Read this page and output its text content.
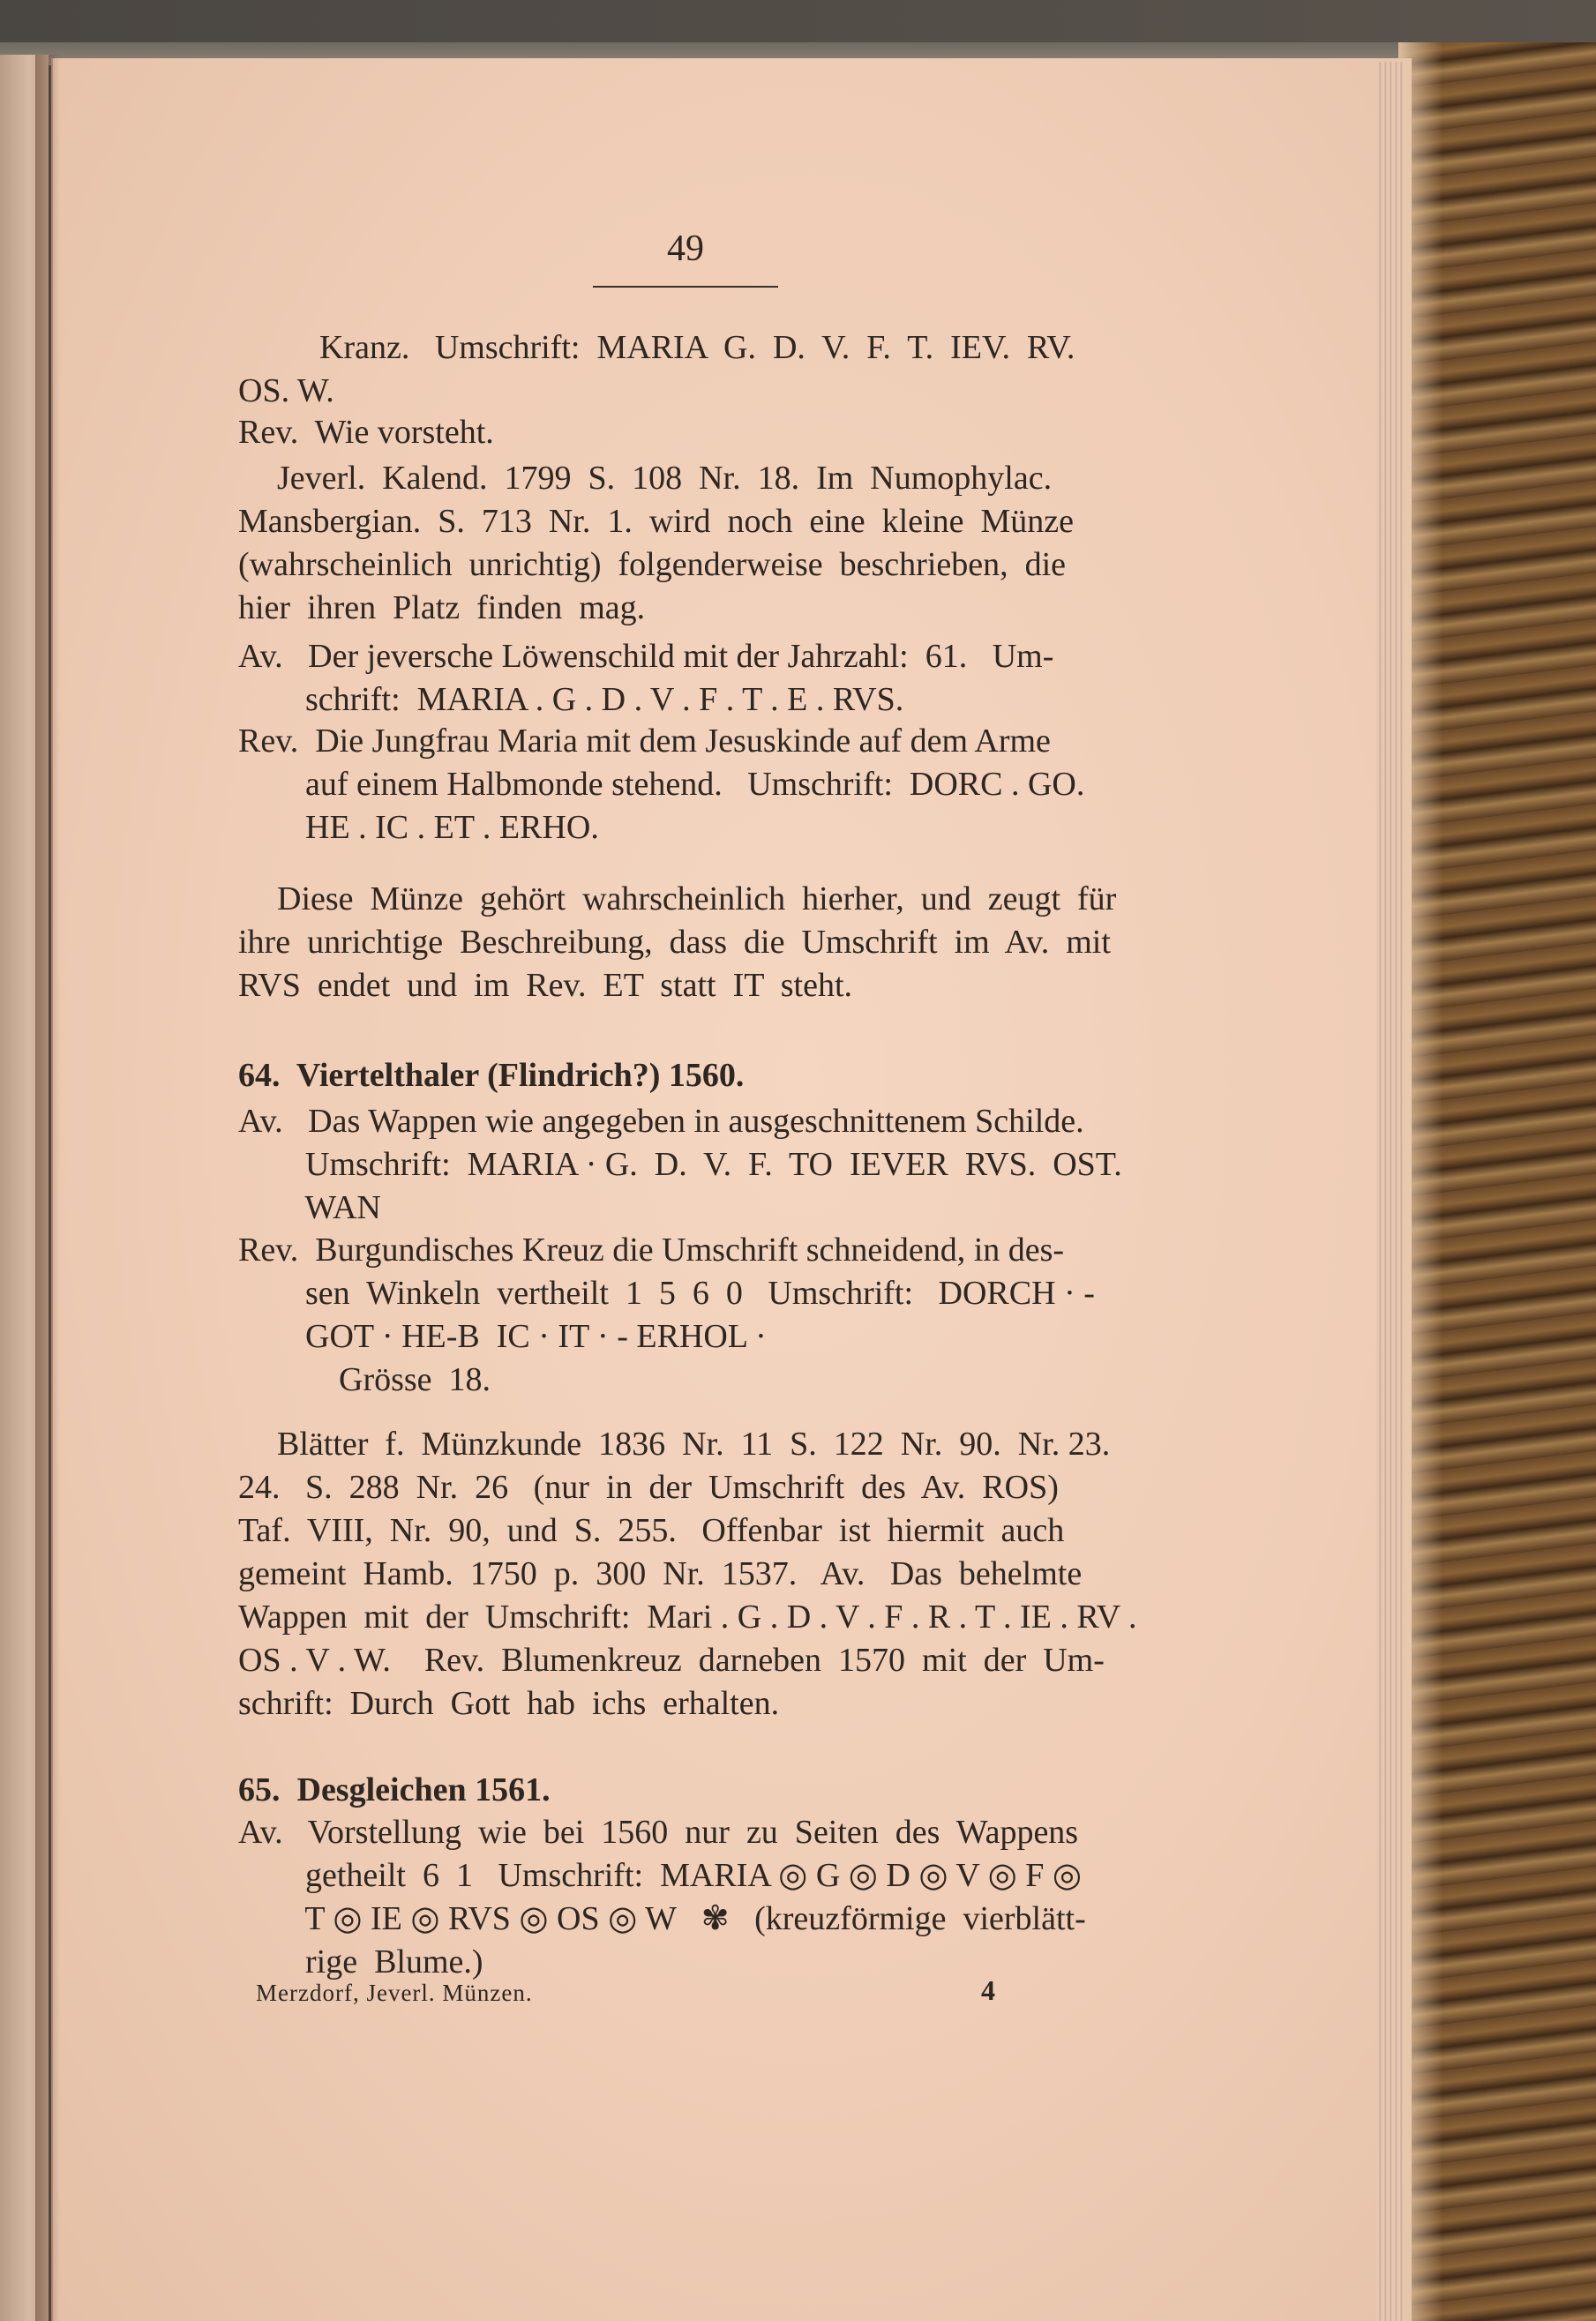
49
Kranz.   Umschrift:  MARIA  G.  D.  V.  F.  T.  IEV.  RV.
OS. W.
Rev.  Wie vorsteht.
Jeverl.  Kalend.  1799  S.  108  Nr.  18.  Im  Numophylac.
Mansbergian.  S.  713  Nr.  1.  wird  noch  eine  kleine  Münze
(wahrscheinlich  unrichtig)  folgenderweise  beschrieben,  die
hier  ihren  Platz  finden  mag.
Av.   Der jeversche Löwenschild mit der Jahrzahl:  61.   Um-
schrift:  MARIA . G . D . V . F . T . E . RVS.
Rev.  Die Jungfrau Maria mit dem Jesuskinde auf dem Arme
auf einem Halbmonde stehend.   Umschrift:  DORC . GO.
HE . IC . ET . ERHO.
Diese  Münze  gehört  wahrscheinlich  hierher,  und  zeugt  für
ihre  unrichtige  Beschreibung,  dass  die  Umschrift  im  Av.  mit
RVS  endet  und  im  Rev.  ET  statt  IT  steht.
64.  Viertelthaler (Flindrich?) 1560.
Av.   Das Wappen wie angegeben in ausgeschnittenem Schilde.
Umschrift:  MARIA · G.  D.  V.  F.  TO  IEVER  RVS.  OST.
WAN
Rev.  Burgundisches Kreuz die Umschrift schneidend, in des-
sen  Winkeln  vertheilt  1  5  6  0   Umschrift:   DORCH · -
GOT · HE-B  IC · IT · - ERHOL ·
Grösse  18.
Blätter  f.  Münzkunde  1836  Nr.  11  S.  122  Nr.  90.  Nr. 23.
24.   S.  288  Nr.  26   (nur  in  der  Umschrift  des  Av.  ROS)
Taf.  VIII,  Nr.  90,  und  S.  255.   Offenbar  ist  hiermit  auch
gemeint  Hamb.  1750  p.  300  Nr.  1537.   Av.   Das  behelmte
Wappen  mit  der  Umschrift:  Mari . G . D . V . F . R . T . IE . RV .
OS . V . W.    Rev.  Blumenkreuz  darneben  1570  mit  der  Um-
schrift:  Durch  Gott  hab  ichs  erhalten.
65.  Desgleichen 1561.
Av.   Vorstellung  wie  bei  1560  nur  zu  Seiten  des  Wappens
getheilt  6  1   Umschrift:  MARIA ◎ G ◎ D ◎ V ◎ F ◎
T ◎ IE ◎ RVS ◎ OS ◎ W   ✾   (kreuzförmige  vierblätt-
rige  Blume.)
Merzdorf, Jeverl. Münzen.	4
